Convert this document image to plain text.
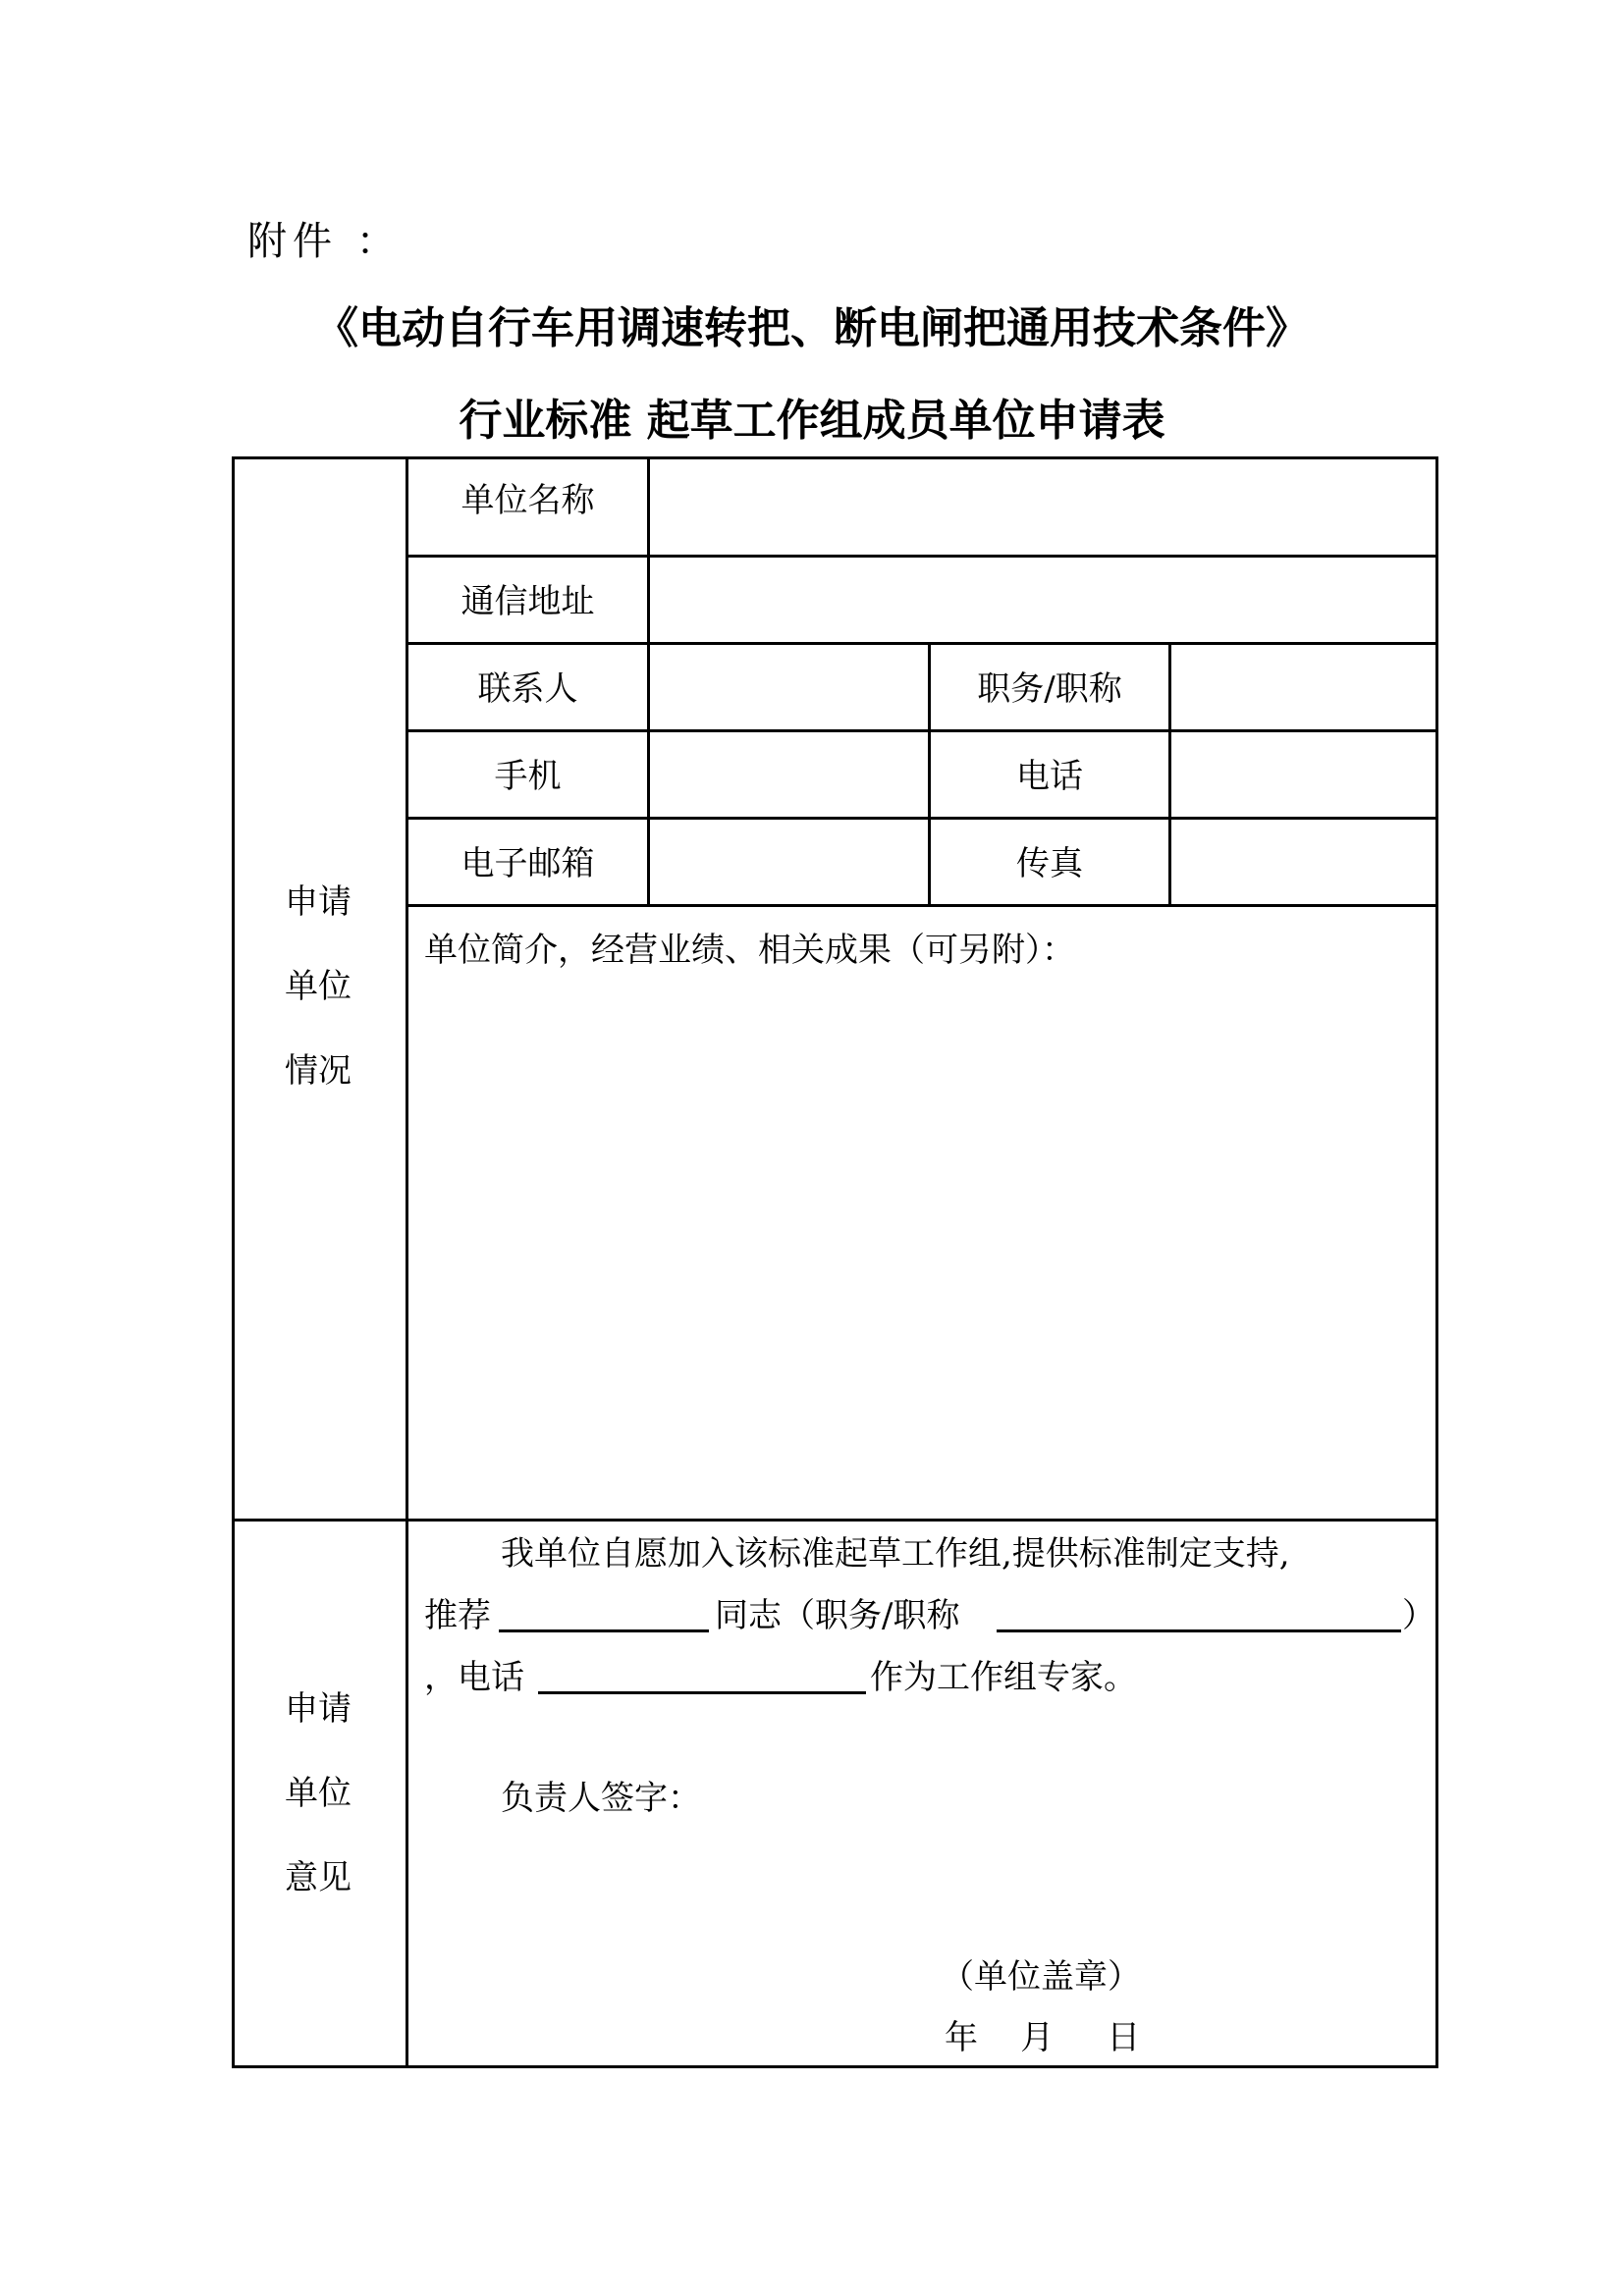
附件 ：
《电动自行车用调速转把、断电闸把通用技术条件》
行业标准 起草工作组成员单位申请表
申请
单位
情况
单位名称
通信地址
联系人	职务/职称
手机	电话
电子邮箱	传真
单位简介，经营业绩、相关成果（可另附）：
申请
单位
意见
我单位自愿加入该标准起草工作组,提供标准制定支持,
推荐	同志（职务/职称	）
，电话	作为工作组专家。
负责人签字：
（单位盖章）
年    月     日
